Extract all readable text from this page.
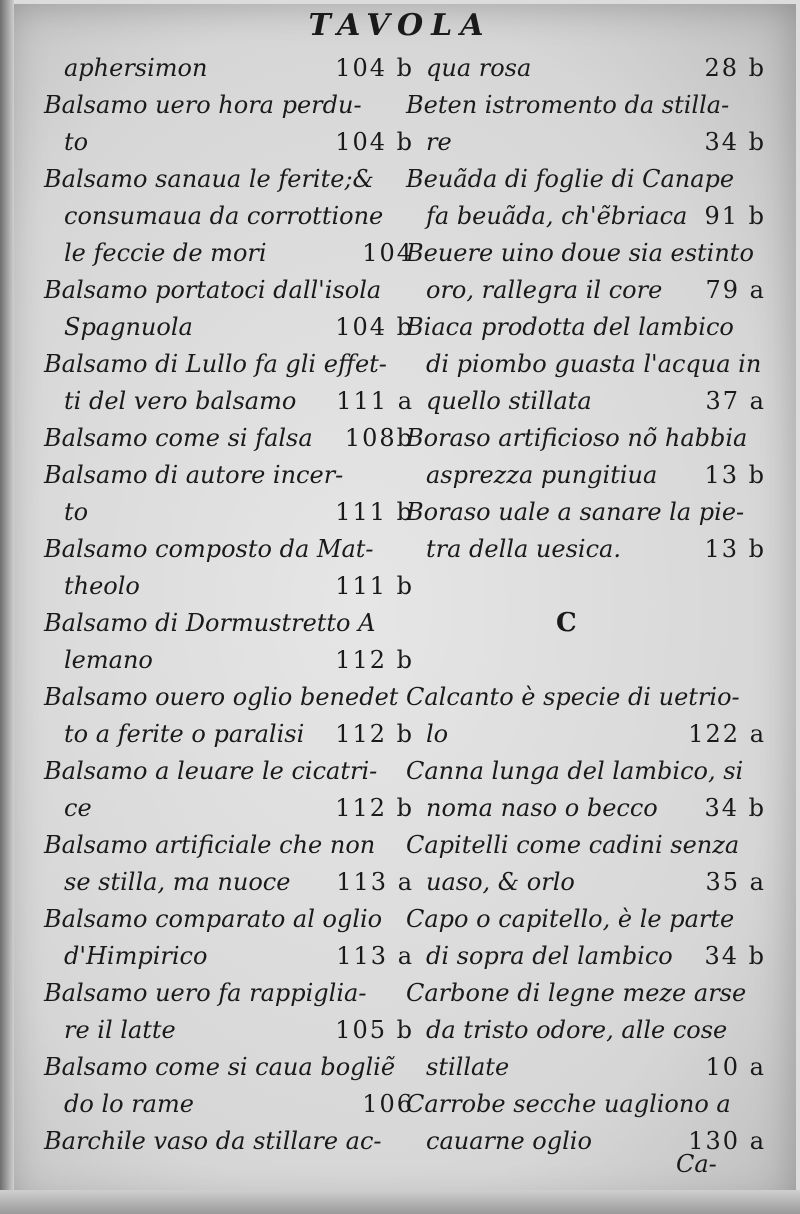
TAVOLA
aphersimon	104 b
Balsamo uero hora perdu-
to	104 b
Balsamo sanaua le ferite;&
consumaua da corrottione
le feccie de mori	104
Balsamo portatoci dall'isola
Spagnuola	104 b
Balsamo di Lullo fa gli effet-
ti del vero balsamo 111 a
Balsamo come si falsa 108b
Balsamo di autore incer-
to	111 b
Balsamo composto da Mat-
theolo	111 b
Balsamo di Dormustretto A
lemano	112 b
Balsamo ouero oglio benedet
to a ferite o paralisi 112 b
Balsamo a leuare le cicatri-
ce	112 b
Balsamo artificiale che non
se stilla, ma nuoce 113 a
Balsamo comparato al oglio
d'Himpirico	113 a
Balsamo uero fa rappiglia-
re il latte	105 b
Balsamo come si caua bogliẽ
do lo rame	106
Barchile vaso da stillare ac-
qua rosa	28 b
Beten istromento da stilla-
re	34 b
Beuãda di foglie di Canape
fa beuãda, ch'ẽbriaca 91 b
Beuere uino doue sia estinto
oro, rallegra il core 79 a
Biaca prodotta del lambico
di piombo guasta l'acqua in
quello stillata	37 a
Boraso artificioso nõ habbia
asprezza pungitiua 13 b
Boraso uale a sanare la pie-
tra della uesica.	13 b
C
Calcanto è specie di uetrio-
lo	122 a
Canna lunga del lambico, si
noma naso o becco 34 b
Capitelli come cadini senza
uaso, & orlo	35 a
Capo o capitello, è le parte
di sopra del lambico 34 b
Carbone di legne meze arse
da tristo odore, alle cose
stillate	10 a
Carrobe secche uagliono a
cauarne oglio	130 a
Ca-
